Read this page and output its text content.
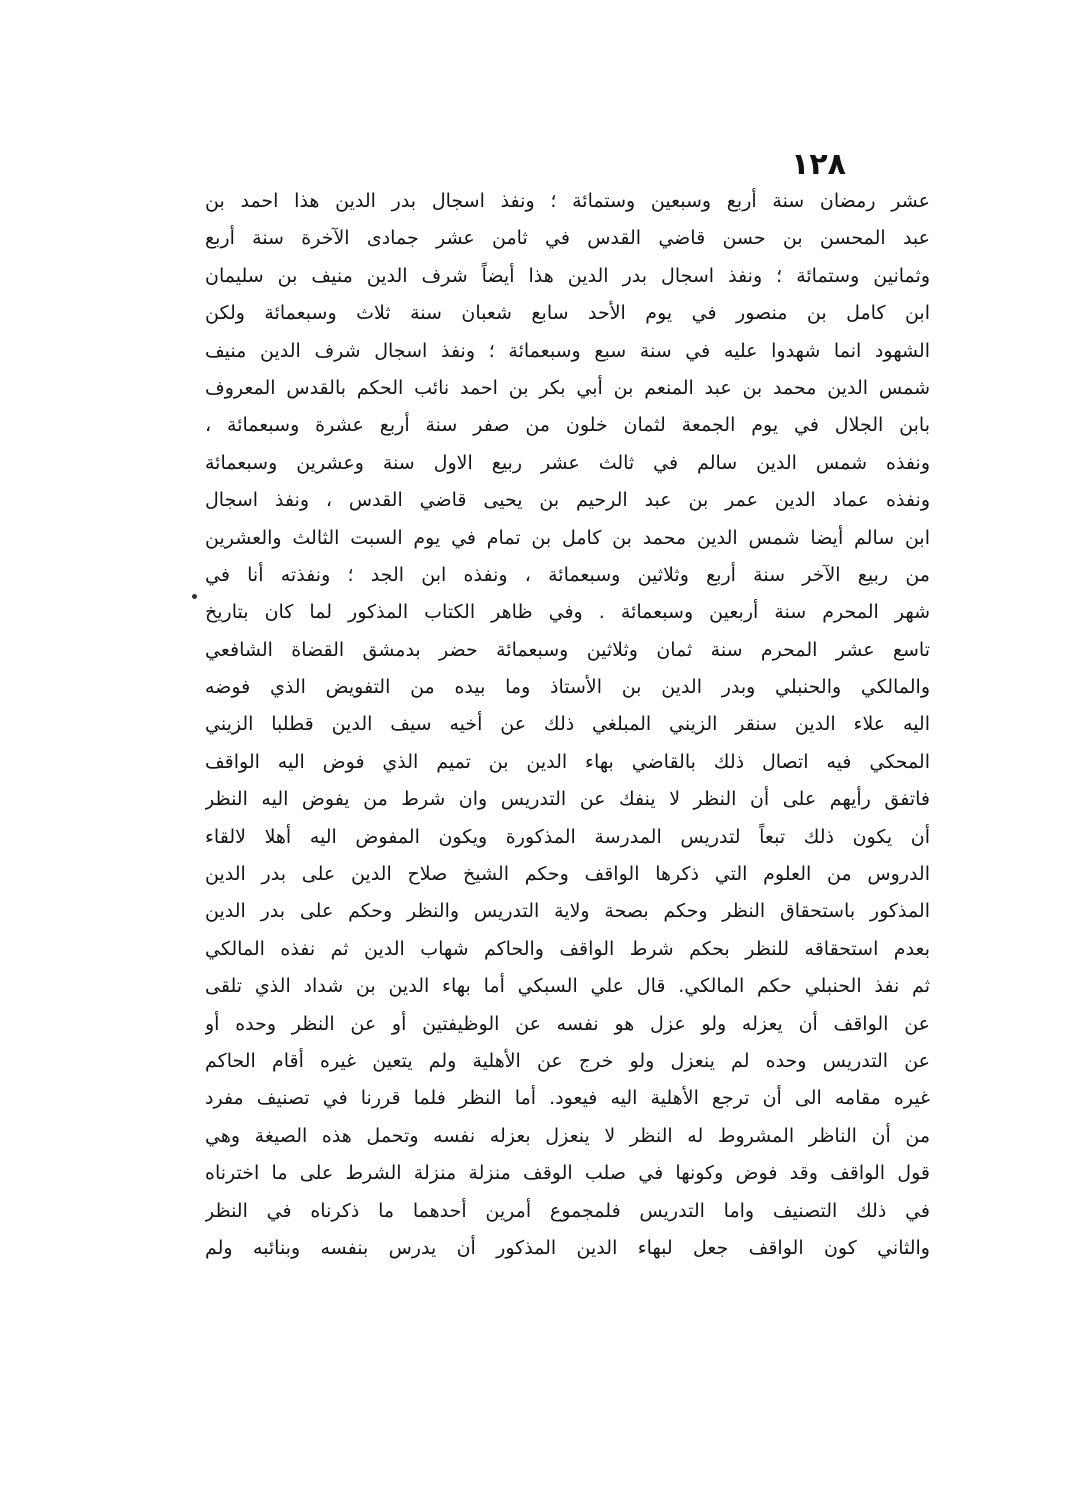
١٢٨
عشر رمضان سنة أربع وسبعين وستمائة ؛ ونفذ اسجال بدر الدين هذا احمد بن
عبد المحسن بن حسن قاضي القدس في ثامن عشر جمادى الآخرة سنة أربع
وثمانين وستمائة ؛ ونفذ اسجال بدر الدين هذا أيضاً شرف الدين منيف بن سليمان
ابن كامل بن منصور في يوم الأحد سابع شعبان سنة ثلاث وسبعمائة ولكن
الشهود انما شهدوا عليه في سنة سبع وسبعمائة ؛ ونفذ اسجال شرف الدين منيف
شمس الدين محمد بن عبد المنعم بن أبي بكر بن احمد نائب الحكم بالقدس المعروف
بابن الجلال في يوم الجمعة لثمان خلون من صفر سنة أربع عشرة وسبعمائة ،
ونفذه شمس الدين سالم في ثالث عشر ربيع الاول سنة وعشرين وسبعمائة
ونفذه عماد الدين عمر بن عبد الرحيم بن يحيى قاضي القدس ، ونفذ اسجال
ابن سالم أيضا شمس الدين محمد بن كامل بن تمام في يوم السبت الثالث والعشرين
من ربيع الآخر سنة أربع وثلاثين وسبعمائة ، ونفذه ابن الجد ؛ ونفذته أنا في
شهر المحرم سنة أربعين وسبعمائة . وفي ظاهر الكتاب المذكور لما كان بتاريخ
تاسع عشر المحرم سنة ثمان وثلاثين وسبعمائة حضر بدمشق القضاة الشافعي
والمالكي والحنبلي وبدر الدين بن الأستاذ وما بيده من التفويض الذي فوضه
اليه علاء الدين سنقر الزيني المبلغي ذلك عن أخيه سيف الدين قطلبا الزيني
المحكي فيه اتصال ذلك بالقاضي بهاء الدين بن تميم الذي فوض اليه الواقف
فاتفق رأيهم على أن النظر لا ينفك عن التدريس وان شرط من يفوض اليه النظر
أن يكون ذلك تبعاً لتدريس المدرسة المذكورة ويكون المفوض اليه أهلا لالقاء
الدروس من العلوم التي ذكرها الواقف وحكم الشيخ صلاح الدين على بدر الدين
المذكور باستحقاق النظر وحكم بصحة ولاية التدريس والنظر وحكم على بدر الدين
بعدم استحقاقه للنظر بحكم شرط الواقف والحاكم شهاب الدين ثم نفذه المالكي
ثم نفذ الحنبلي حكم المالكي. قال علي السبكي أما بهاء الدين بن شداد الذي تلقى
عن الواقف أن يعزله ولو عزل هو نفسه عن الوظيفتين أو عن النظر وحده أو
عن التدريس وحده لم ينعزل ولو خرج عن الأهلية ولم يتعين غيره أقام الحاكم
غيره مقامه الى أن ترجع الأهلية اليه فيعود. أما النظر فلما قررنا في تصنيف مفرد
من أن الناظر المشروط له النظر لا ينعزل بعزله نفسه وتحمل هذه الصيغة وهي
قول الواقف وقد فوض وكونها في صلب الوقف منزلة منزلة الشرط على ما اخترناه
في ذلك التصنيف واما التدريس فلمجموع أمرين أحدهما ما ذكرناه في النظر
والثاني كون الواقف جعل لبهاء الدين المذكور أن يدرس بنفسه وبنائبه ولم
